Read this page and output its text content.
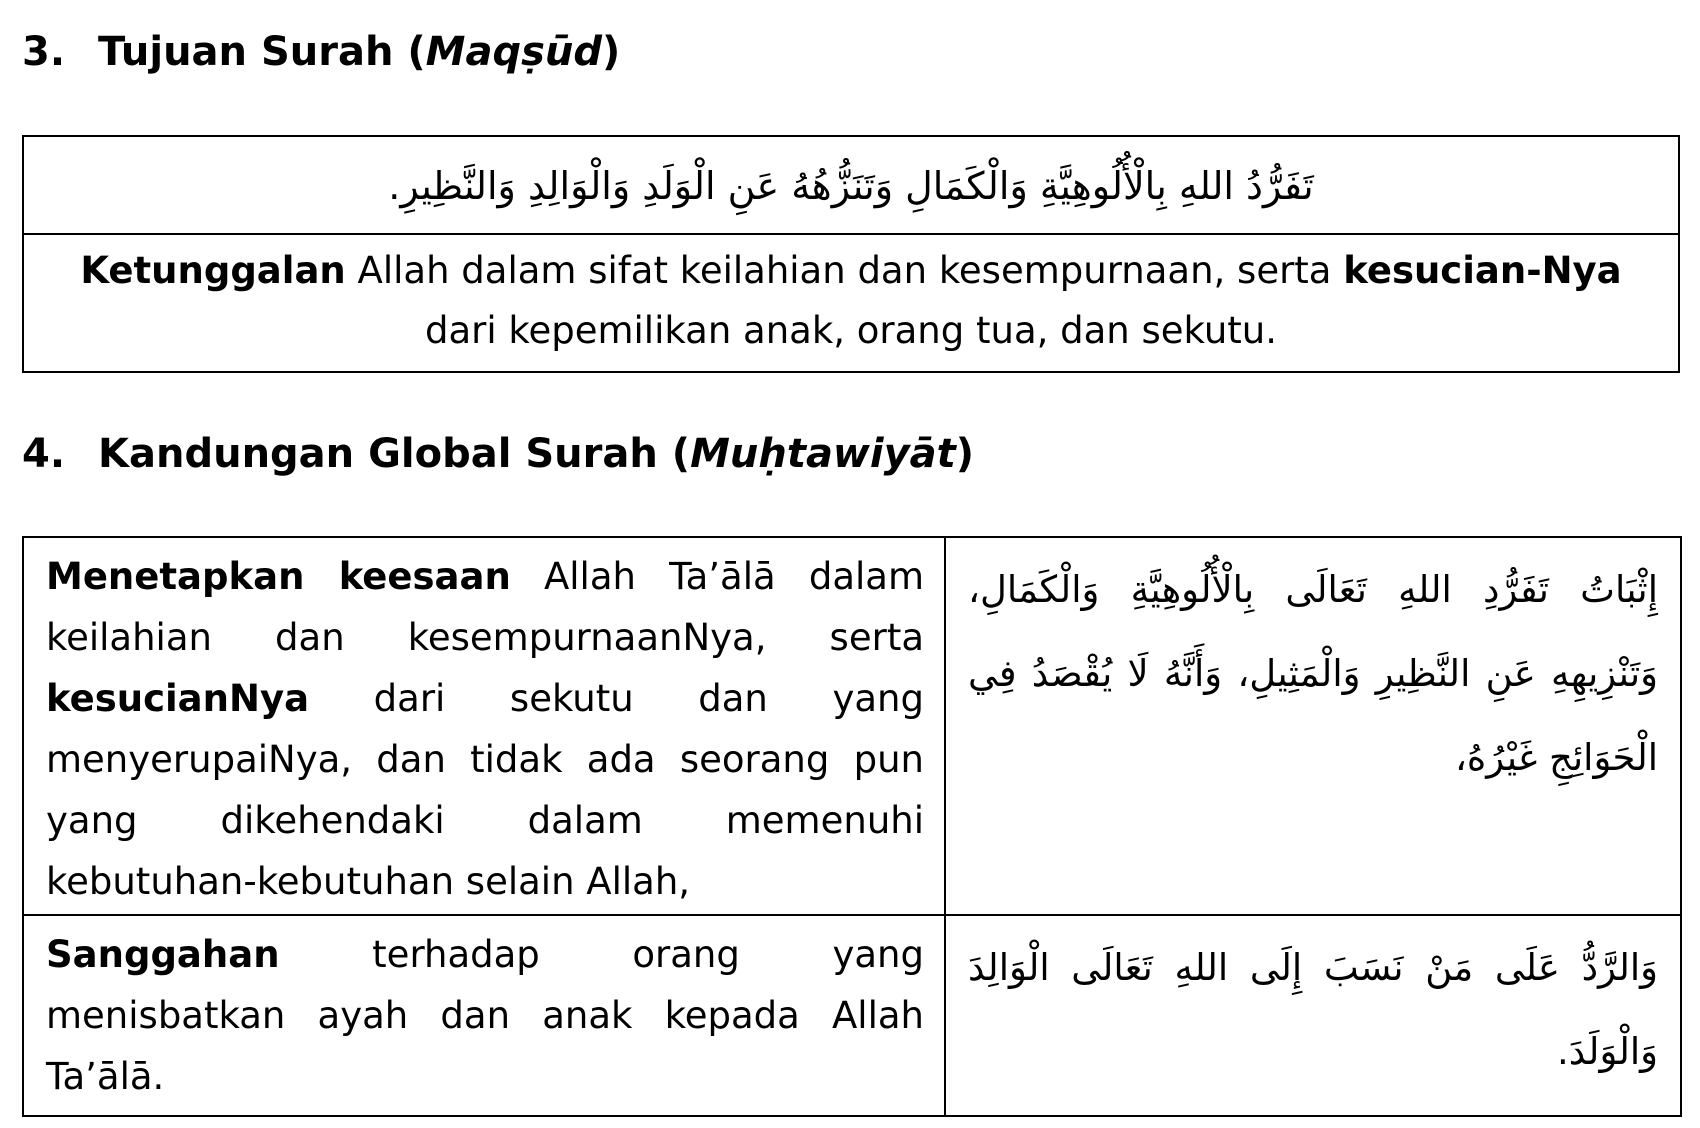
3. Tujuan Surah (Maqṣūd)
تَفَرُّدُ اللهِ بِالْأُلُوهِيَّةِ وَالْكَمَالِ وَتَنَزُّهُهُ عَنِ الْوَلَدِ وَالْوَالِدِ وَالنَّظِيرِ.
Ketunggalan Allah dalam sifat keilahian dan kesempurnaan, serta kesucian-Nya dari kepemilikan anak, orang tua, dan sekutu.
4. Kandungan Global Surah (Muḥtawiyāt)
Menetapkan keesaan Allah Ta’ālā dalam keilahian dan kesempurnaanNya, serta kesucianNya dari sekutu dan yang menyerupaiNya, dan tidak ada seorang pun yang dikehendaki dalam memenuhi kebutuhan-kebutuhan selain Allah,	إِثْبَاتُ تَفَرُّدِ اللهِ تَعَالَى بِالْأُلُوهِيَّةِ وَالْكَمَالِ، وَتَنْزِيهِهِ عَنِ النَّظِيرِ وَالْمَثِيلِ، وَأَنَّهُ لَا يُقْصَدُ فِي الْحَوَائِجِ غَيْرُهُ،

Sanggahan terhadap orang yang menisbatkan ayah dan anak kepada Allah Ta’ālā.	وَالرَّدُّ عَلَى مَنْ نَسَبَ إِلَى اللهِ تَعَالَى الْوَالِدَ وَالْوَلَدَ.
